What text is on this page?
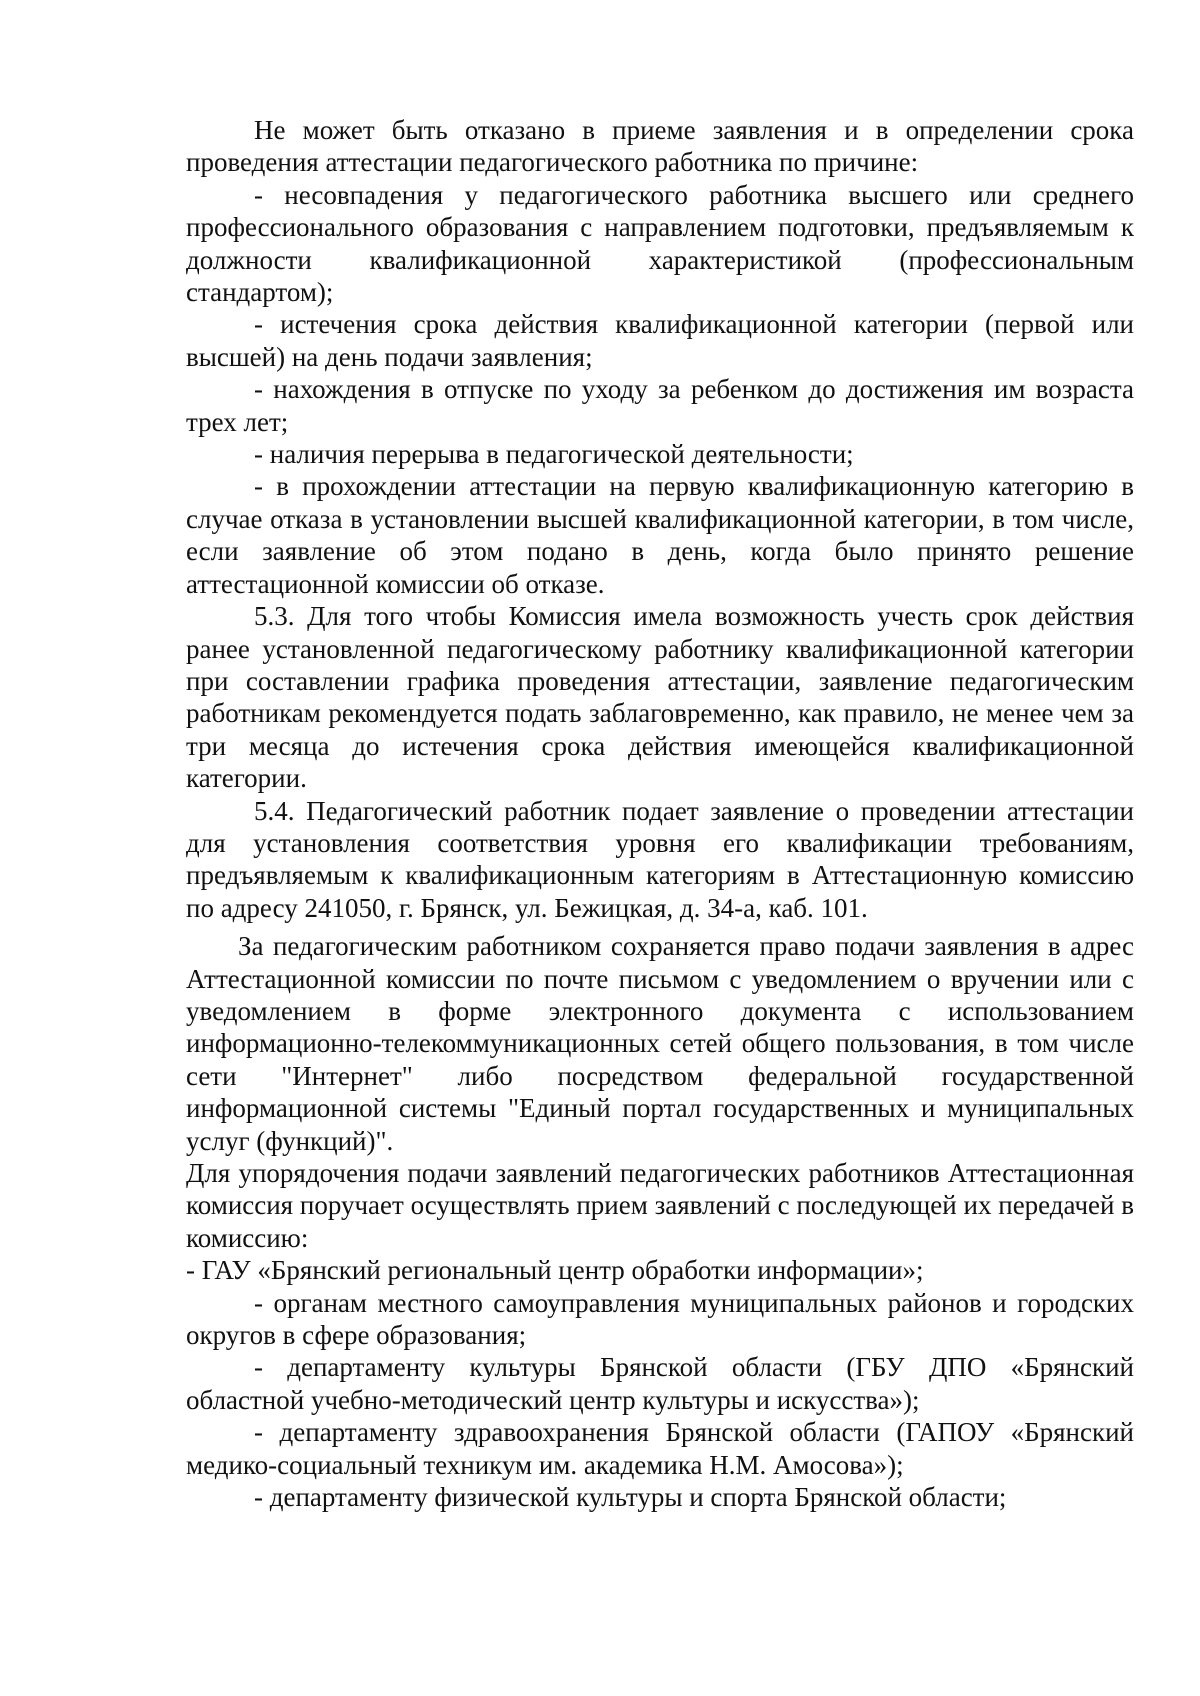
Не может быть отказано в приеме заявления и в определении срока проведения аттестации педагогического работника по причине:

- несовпадения у педагогического работника высшего или среднего профессионального образования с направлением подготовки, предъявляемым к должности квалификационной характеристикой (профессиональным стандартом);

- истечения срока действия квалификационной категории (первой или высшей) на день подачи заявления;

- нахождения в отпуске по уходу за ребенком до достижения им возраста трех лет;

- наличия перерыва в педагогической деятельности;

- в прохождении аттестации на первую квалификационную категорию в случае отказа в установлении высшей квалификационной категории, в том числе, если заявление об этом подано в день, когда было принято решение аттестационной комиссии об отказе.

5.3. Для того чтобы Комиссия имела возможность учесть срок действия ранее установленной педагогическому работнику квалификационной категории при составлении графика проведения аттестации, заявление педагогическим работникам рекомендуется подать заблаговременно, как правило, не менее чем за три месяца до истечения срока действия имеющейся квалификационной категории.

5.4. Педагогический работник подает заявление о проведении аттестации для установления соответствия уровня его квалификации требованиям, предъявляемым к квалификационным категориям в Аттестационную комиссию по адресу 241050, г. Брянск, ул. Бежицкая, д. 34-а, каб. 101.

За педагогическим работником сохраняется право подачи заявления в адрес Аттестационной комиссии по почте письмом с уведомлением о вручении или с уведомлением в форме электронного документа с использованием информационно-телекоммуникационных сетей общего пользования, в том числе сети "Интернет" либо посредством федеральной государственной информационной системы "Единый портал государственных и муниципальных услуг (функций)".

Для упорядочения подачи заявлений педагогических работников Аттестационная комиссия поручает осуществлять прием заявлений с последующей их передачей в комиссию:

- ГАУ «Брянский региональный центр обработки информации»;

- органам местного самоуправления муниципальных районов и городских округов в сфере образования;

- департаменту культуры Брянской области (ГБУ ДПО «Брянский областной учебно-методический центр культуры и искусства»);

- департаменту здравоохранения Брянской области (ГАПОУ «Брянский медико-социальный техникум им. академика Н.М. Амосова»);

- департаменту физической культуры и спорта Брянской области;
